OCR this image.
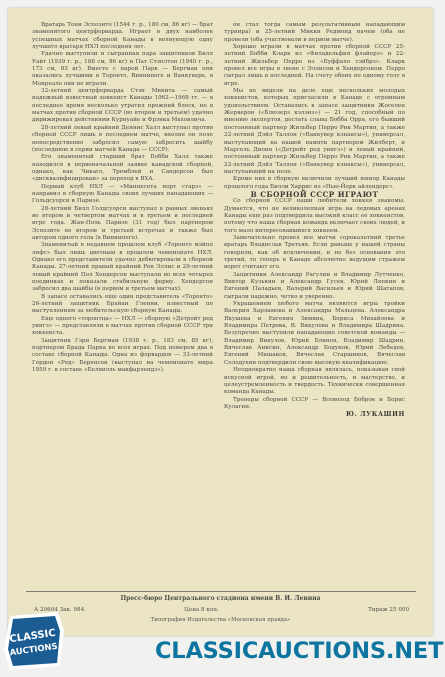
Вратарь Тони Эспозито (1544 г. р., 180 см, 86 кг) — брат знаменитого центрфорварда. Играет в двух наиболее успешных матчах сборной Канады в волнующую одну лучшего вратаря НХЛ последняя лет.

Удачно выступили и сыгранная пара защитников Билл Уайт (1939 г. р., 188 см, 86 кг) и Пат Стэплтон (1940 г. р., 173 см, 85 кг). Вместе с парой Парк — Бергман они оказались лучшими в Торонто, Виннипеге и Ванкувере, в Монреале они не играли.

32-летний центрфорварда Стэн Микита — самый надежный известный хоккеист Канады 1962—1968 гг. — в последнее время несколько утратил прежний блеск, но в матчах против сборной СССР (во втором и третьем) удачно дирижировал действиями Курнуайе и Фрэнка Маховлича.

28-летний левый крайний Деннис Халл выступал против сборной СССР лишь в последнем матче, вполне он поле непосредственно забросил самую забросить шайбу (последнюю в серии матчей Канада — СССР).

Его знаменитый старший брат Бобби Халл также находился в первоначальной заявке канадской сборной, однако, как Чикаго, Тремблей и Сандерсон был «дисквалифицирован» за переход в ВХА.

Первый клуб НХЛ — «Миннесота норт старз» — направил в сборную Канады своих лучших нападающих — Гольдсуорси и Паризе.

28-летний Билл Голдсуорси выступал в равных звеньях во втором и четвертом матчах и в третьем и последней игре года. Жан-Поль Паризе (31 год) был партнером Эспозито во втором и третьей встречах и также был автором одного гола (в Виннипеге).

Знаменитый в недавнем прошлом клуб «Торонто мэйпл лифс» был лишь цветным в прошлом чемпионате НХЛ. Однако его представители удачно дебютировали в сборной Канады. 27-летний правый крайний Рон Эллис и 29-летний левый крайний Пол Хендерсон выступали во всех четырех поединках и показали стабильную форму. Хендерсон забросил два шайбы (в первом и третьем матчах).

В запасе оставались еще один представитель «Торонто» 26-летний защитник Брайан Гленни, известный по выступлениям за любительскую сборную Канады.

Еще одного «торонтца» — НХЛ — сборную «Детройт ред уингз» — представляли в матчах против сборной СССР три хоккеиста.

Защитник Гэри Бергман (1938 г. р., 183 см, 85 кг), партнером Брада Парка во всех играх. Под номером два в составе сборной Канады. Одна из форвардов — 33-летний Гордон «Ред» Беренсон (выступал на чемпионате мира 1959 г. в составе «Белвилль макфарлендз»).

он стал тогда самым результативным нападающим турнира) и 25-летний Микки Редмонд начем (оба не провели (оба участвовали в первом матче).

Хорошо играли в матчах против сборной СССР 25-летний Бобби Кларк из «Филадельфия флайерз» и 22-летний Жильбер Перро из «Буффало сэйбрз». Кларк провел все игры в звене с Эллисом и Хендерсоном. Перро сыграл лишь в последней. На счету обоих по одному голу в игре.

Мы не видели на деле еще нескольких молодых хоккеистов, которых пригласили в Канаде с огромным удовольствием. Оставались в запасе защитники Жоселен Жерверон («Блюзерз кэлэнз») — 21 год, способный по мнению экспертов, достать славы Бобба Орра, его бывший постоянный партнер Жильбер Перро Рик Мартин, а также 22-летний Дэйл Таллон («Ванкувер кэнаксы»), универсал, выступающий на нашей памяти партнером Жилберт, и Марсель Дионн («Детройт ред уингз») и левый крайний, постоянный партнер Жильбер Перро Рик Мартин, а также 22-летний Дэйл Таллон («Ванкувер кэнаксы»), универсал, выступающий на поле.

Кроме них в сборную включили лучший юниор Канады прошлого года Билли Харрис из «Нью-Йорк айлендерс».

В СБОРНОЙ СССР ИГРАЮТ

Со сборной СССР наши любители хоккея знакомы. Думается, что не великолепная игра на ледовых аренах Канады еще раз подтвердила высокий класс ее хоккеистов, потому что наша сборная команда включает своих людей, и того мало интересовавшихся хоккеем.

Замечательно провел все матчи сорокалетний третье вратарь Владислав Третьяк. Если раньше у нашей страны говорили, как об исключении, и не без основания это третий, то теперь в Канаде абсолютно ведущим стражем ворот считают его.

Защитники Александр Рагулин и Владимир Лутченко, Виктор Кузькин и Александр Гусев, Юрий Ляпкин и Евгений Паладьев, Валерий Васильев и Юрий Шатапов, сыграли надежно, четко и уверенно.

Украшением любого матча являются игры тройки Валерия Харламова и Александра Мальцева. Александра Якушева и Евгения Зимина, Бориса Михайлова и Владимира Петрова, В. Викулова и Владимира Шадрина. Безупречно выступили нападающие советской команды — Владимир Викулов, Юрий Блинов, Владимир Шадрин, Вячеслав Анисин, Александр Бодунов, Юрий Лебедев, Евгений Мишаков, Вячеслав Старшинов, Вячеслав Солодухин подтвердили свою высокую квалификацию.

Неоднократно наша сборная являлась, показывая свой искусной игрой, но и решительность, и мастерство, и целеустремленность и твердость. Технически совершенная команда Канады.

Тренеры сборной СССР — Всеволод Бобров и Борис Кулагин.

Ю. ЛУКАШИН

Пресс-бюро Центрального стадиона имени В. И. Ленина
А 20604 Зак. 984.	Цена 8 коп.	Тираж 25 000
Типография Издательства «Московская правда»
CLASSIC
AUCTIONS	CLASSICAUCTIONS.NET
